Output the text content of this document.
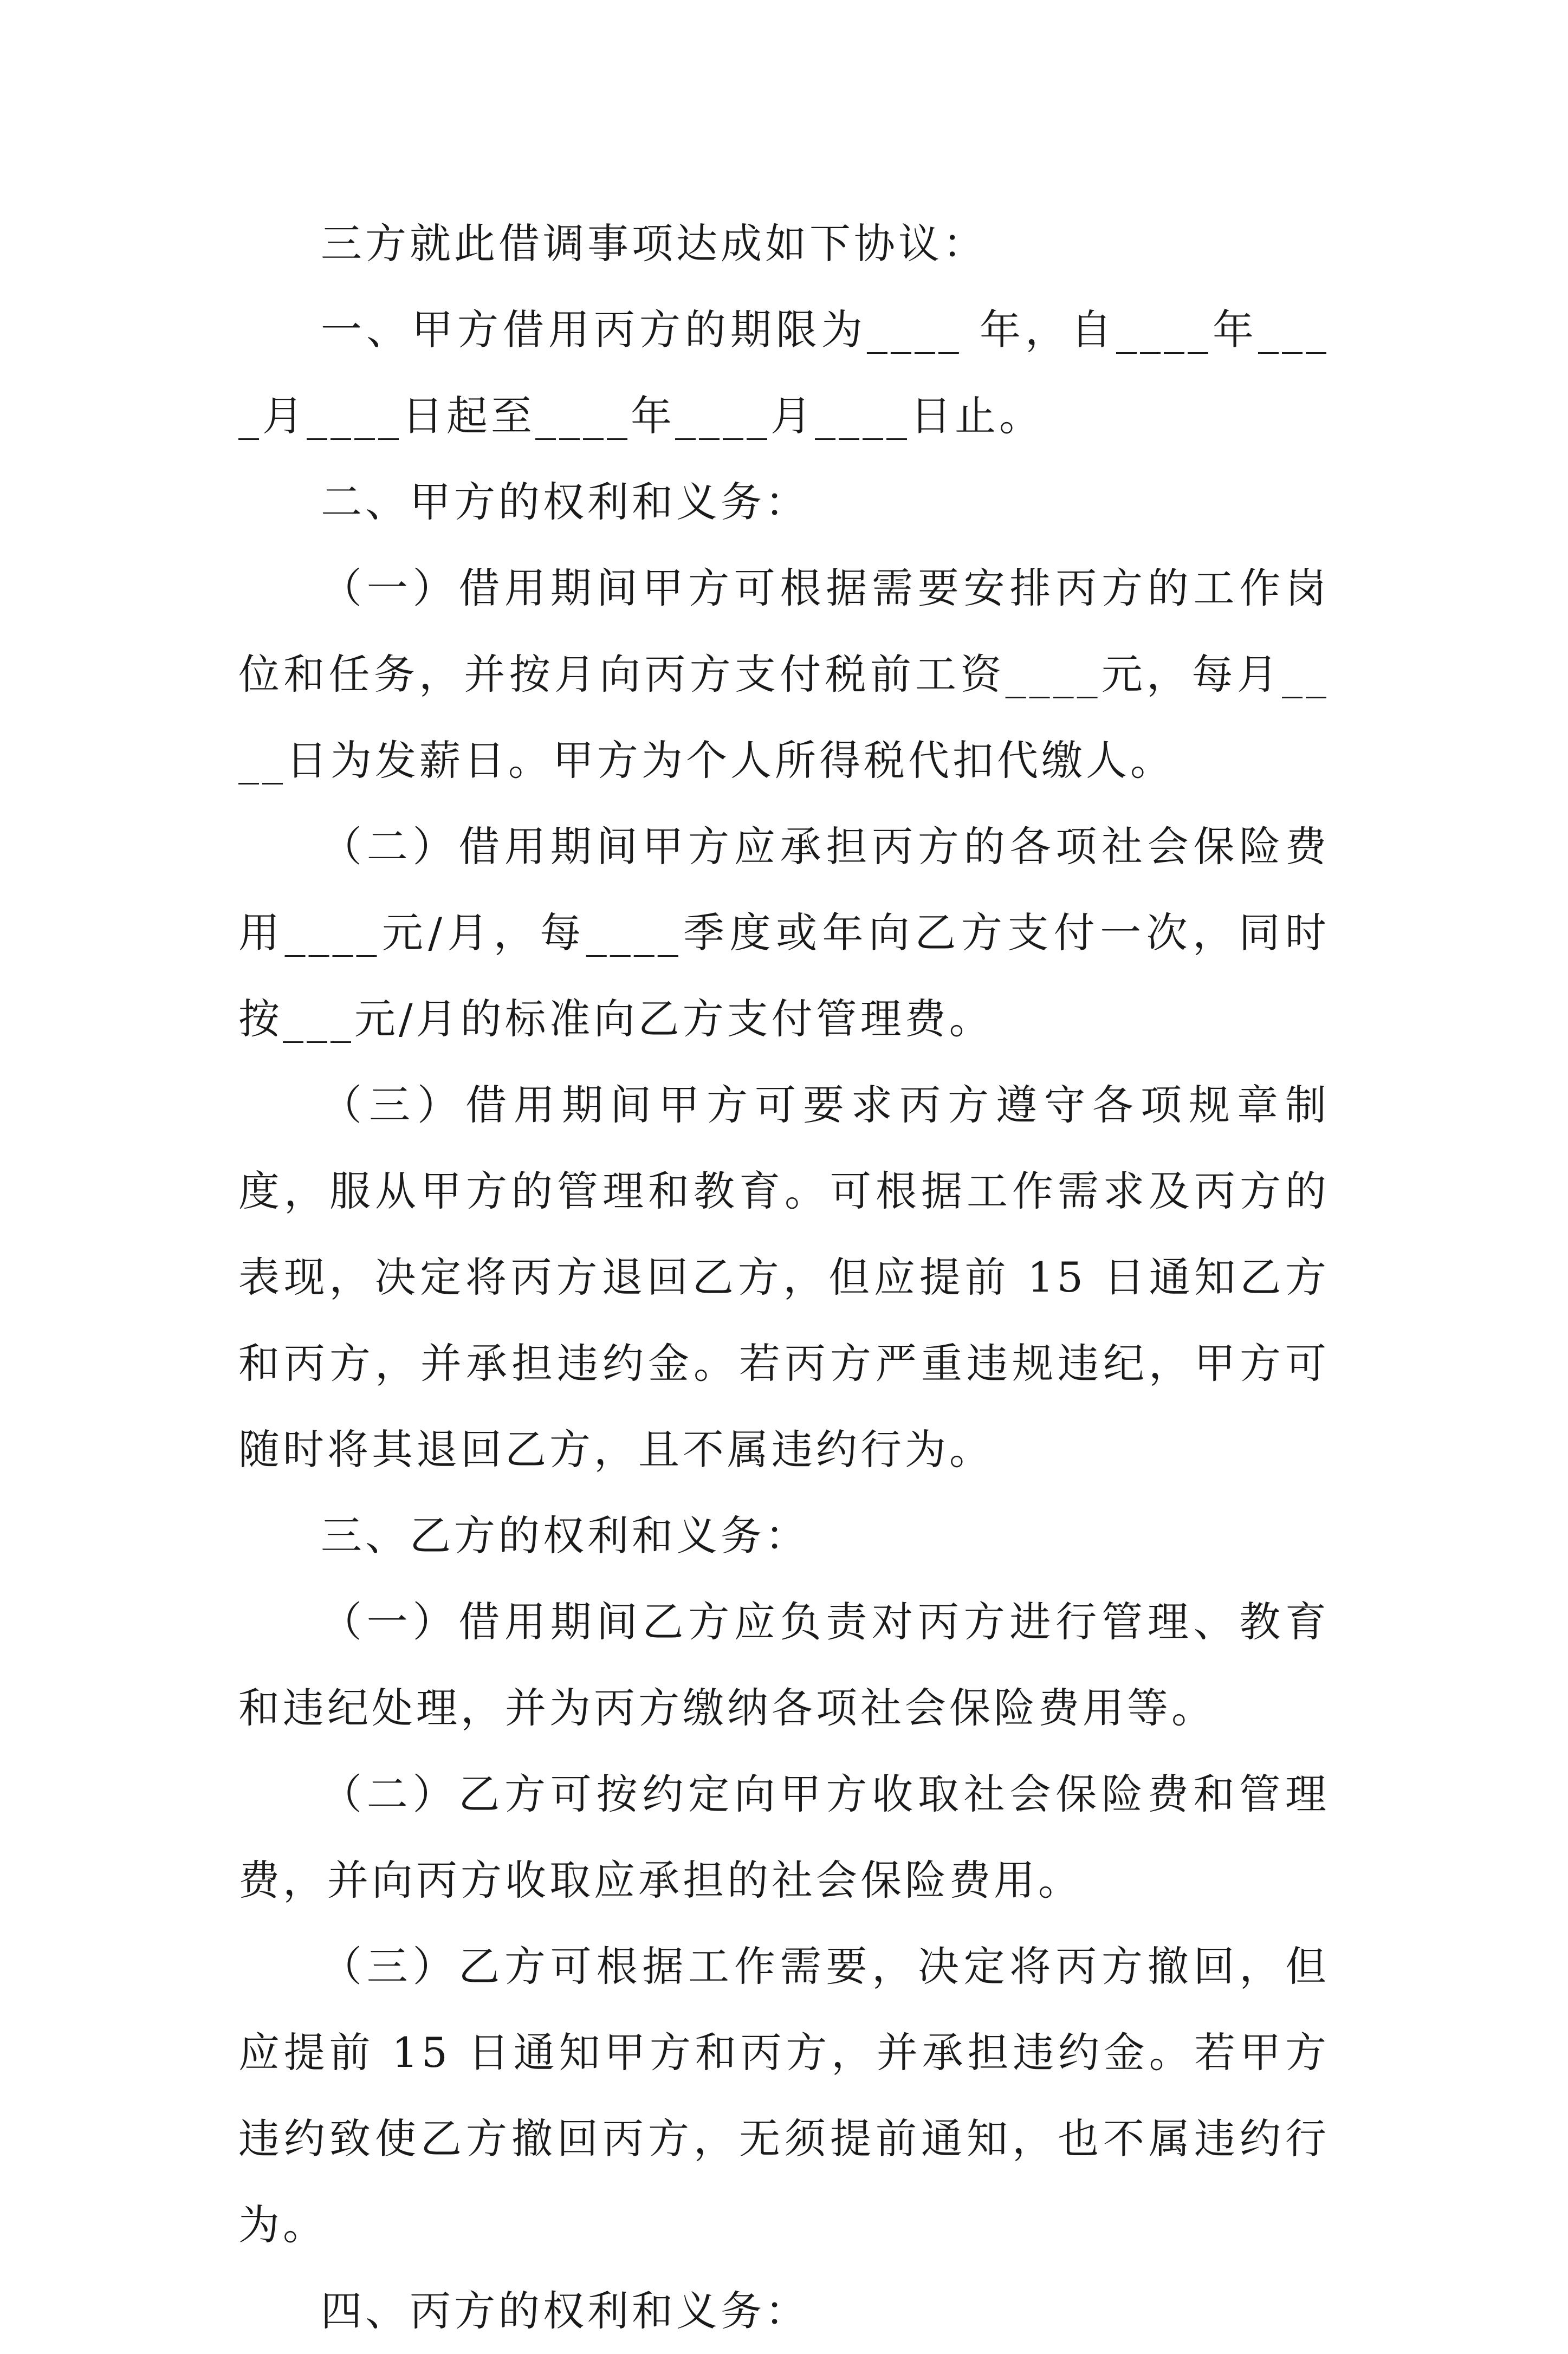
三方就此借调事项达成如下协议：

一、甲方借用丙方的期限为____ 年，自____年____月____日起至____年____月____日止。

二、甲方的权利和义务：

（一）借用期间甲方可根据需要安排丙方的工作岗位和任务，并按月向丙方支付税前工资____元，每月____日为发薪日。甲方为个人所得税代扣代缴人。

（二）借用期间甲方应承担丙方的各项社会保险费用____元/月，每____季度或年向乙方支付一次，同时按___元/月的标准向乙方支付管理费。

（三）借用期间甲方可要求丙方遵守各项规章制度，服从甲方的管理和教育。可根据工作需求及丙方的表现，决定将丙方退回乙方，但应提前 15 日通知乙方和丙方，并承担违约金。若丙方严重违规违纪，甲方可随时将其退回乙方，且不属违约行为。

三、乙方的权利和义务：

（一）借用期间乙方应负责对丙方进行管理、教育和违纪处理，并为丙方缴纳各项社会保险费用等。

（二）乙方可按约定向甲方收取社会保险费和管理费，并向丙方收取应承担的社会保险费用。

（三）乙方可根据工作需要，决定将丙方撤回，但应提前 15 日通知甲方和丙方，并承担违约金。若甲方违约致使乙方撤回丙方，无须提前通知，也不属违约行为。

四、丙方的权利和义务：
